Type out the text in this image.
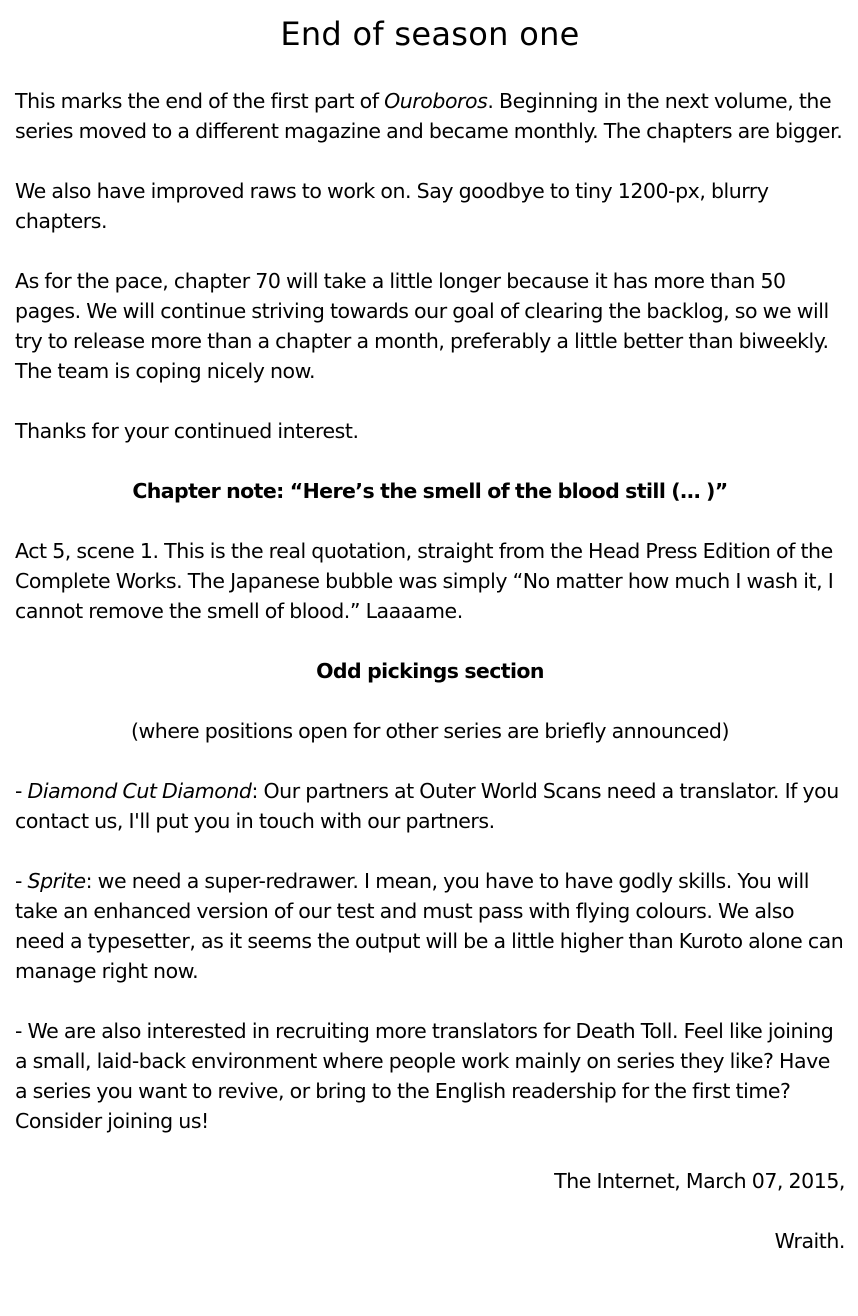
End of season one

This marks the end of the first part of Ouroboros. Beginning in the next volume, the series moved to a different magazine and became monthly. The chapters are bigger.

We also have improved raws to work on. Say goodbye to tiny 1200-px, blurry chapters.

As for the pace, chapter 70 will take a little longer because it has more than 50 pages. We will continue striving towards our goal of clearing the backlog, so we will try to release more than a chapter a month, preferably a little better than biweekly. The team is coping nicely now.

Thanks for your continued interest.

Chapter note: “Here’s the smell of the blood still (… )”

Act 5, scene 1. This is the real quotation, straight from the Head Press Edition of the Complete Works. The Japanese bubble was simply “No matter how much I wash it, I cannot remove the smell of blood.” Laaaame.

Odd pickings section

(where positions open for other series are briefly announced)

- Diamond Cut Diamond: Our partners at Outer World Scans need a translator. If you contact us, I'll put you in touch with our partners.

- Sprite: we need a super-redrawer. I mean, you have to have godly skills. You will take an enhanced version of our test and must pass with flying colours. We also need a typesetter, as it seems the output will be a little higher than Kuroto alone can manage right now.

- We are also interested in recruiting more translators for Death Toll. Feel like joining a small, laid-back environment where people work mainly on series they like? Have a series you want to revive, or bring to the English readership for the first time? Consider joining us!

The Internet, March 07, 2015,

Wraith.
